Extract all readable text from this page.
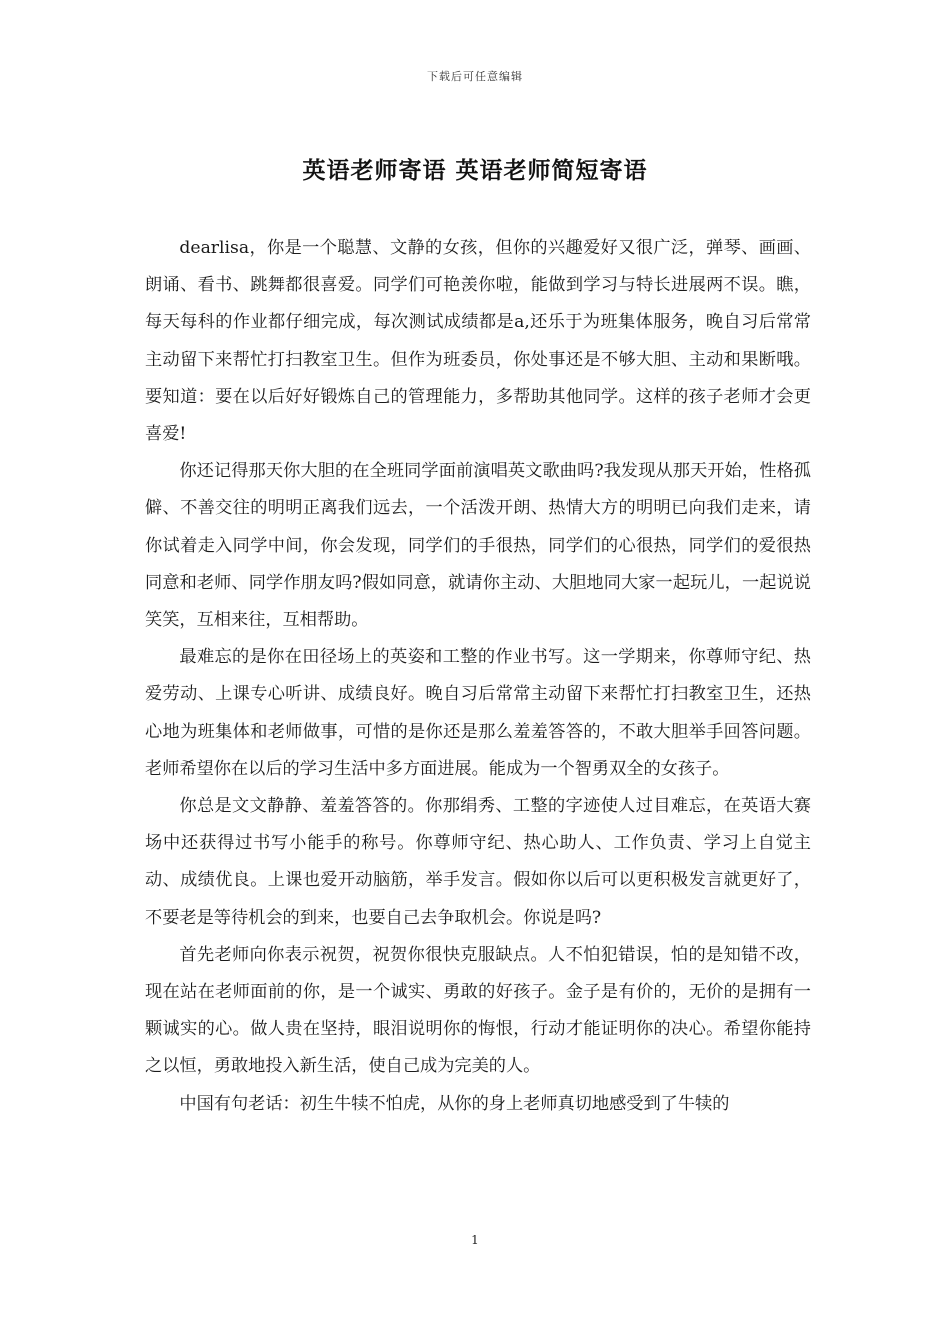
下载后可任意编辑
英语老师寄语 英语老师简短寄语

dearlisa，你是一个聪慧、文静的女孩，但你的兴趣爱好又很广泛，弹琴、画画、朗诵、看书、跳舞都很喜爱。同学们可艳羡你啦，能做到学习与特长进展两不误。瞧，每天每科的作业都仔细完成，每次测试成绩都是a,还乐于为班集体服务，晚自习后常常主动留下来帮忙打扫教室卫生。但作为班委员，你处事还是不够大胆、主动和果断哦。要知道：要在以后好好锻炼自己的管理能力，多帮助其他同学。这样的孩子老师才会更喜爱!

你还记得那天你大胆的在全班同学面前演唱英文歌曲吗?我发现从那天开始，性格孤僻、不善交往的明明正离我们远去，一个活泼开朗、热情大方的明明已向我们走来，请你试着走入同学中间，你会发现，同学们的手很热，同学们的心很热，同学们的爱很热同意和老师、同学作朋友吗?假如同意，就请你主动、大胆地同大家一起玩儿，一起说说笑笑，互相来往，互相帮助。

最难忘的是你在田径场上的英姿和工整的作业书写。这一学期来，你尊师守纪、热爱劳动、上课专心听讲、成绩良好。晚自习后常常主动留下来帮忙打扫教室卫生，还热心地为班集体和老师做事，可惜的是你还是那么羞羞答答的，不敢大胆举手回答问题。老师希望你在以后的学习生活中多方面进展。能成为一个智勇双全的女孩子。

你总是文文静静、羞羞答答的。你那绢秀、工整的字迹使人过目难忘，在英语大赛场中还获得过书写小能手的称号。你尊师守纪、热心助人、工作负责、学习上自觉主动、成绩优良。上课也爱开动脑筋，举手发言。假如你以后可以更积极发言就更好了，不要老是等待机会的到来，也要自己去争取机会。你说是吗?

首先老师向你表示祝贺，祝贺你很快克服缺点。人不怕犯错误，怕的是知错不改，现在站在老师面前的你，是一个诚实、勇敢的好孩子。金子是有价的，无价的是拥有一颗诚实的心。做人贵在坚持，眼泪说明你的悔恨，行动才能证明你的决心。希望你能持之以恒，勇敢地投入新生活，使自己成为完美的人。

中国有句老话：初生牛犊不怕虎，从你的身上老师真切地感受到了牛犊的

1
